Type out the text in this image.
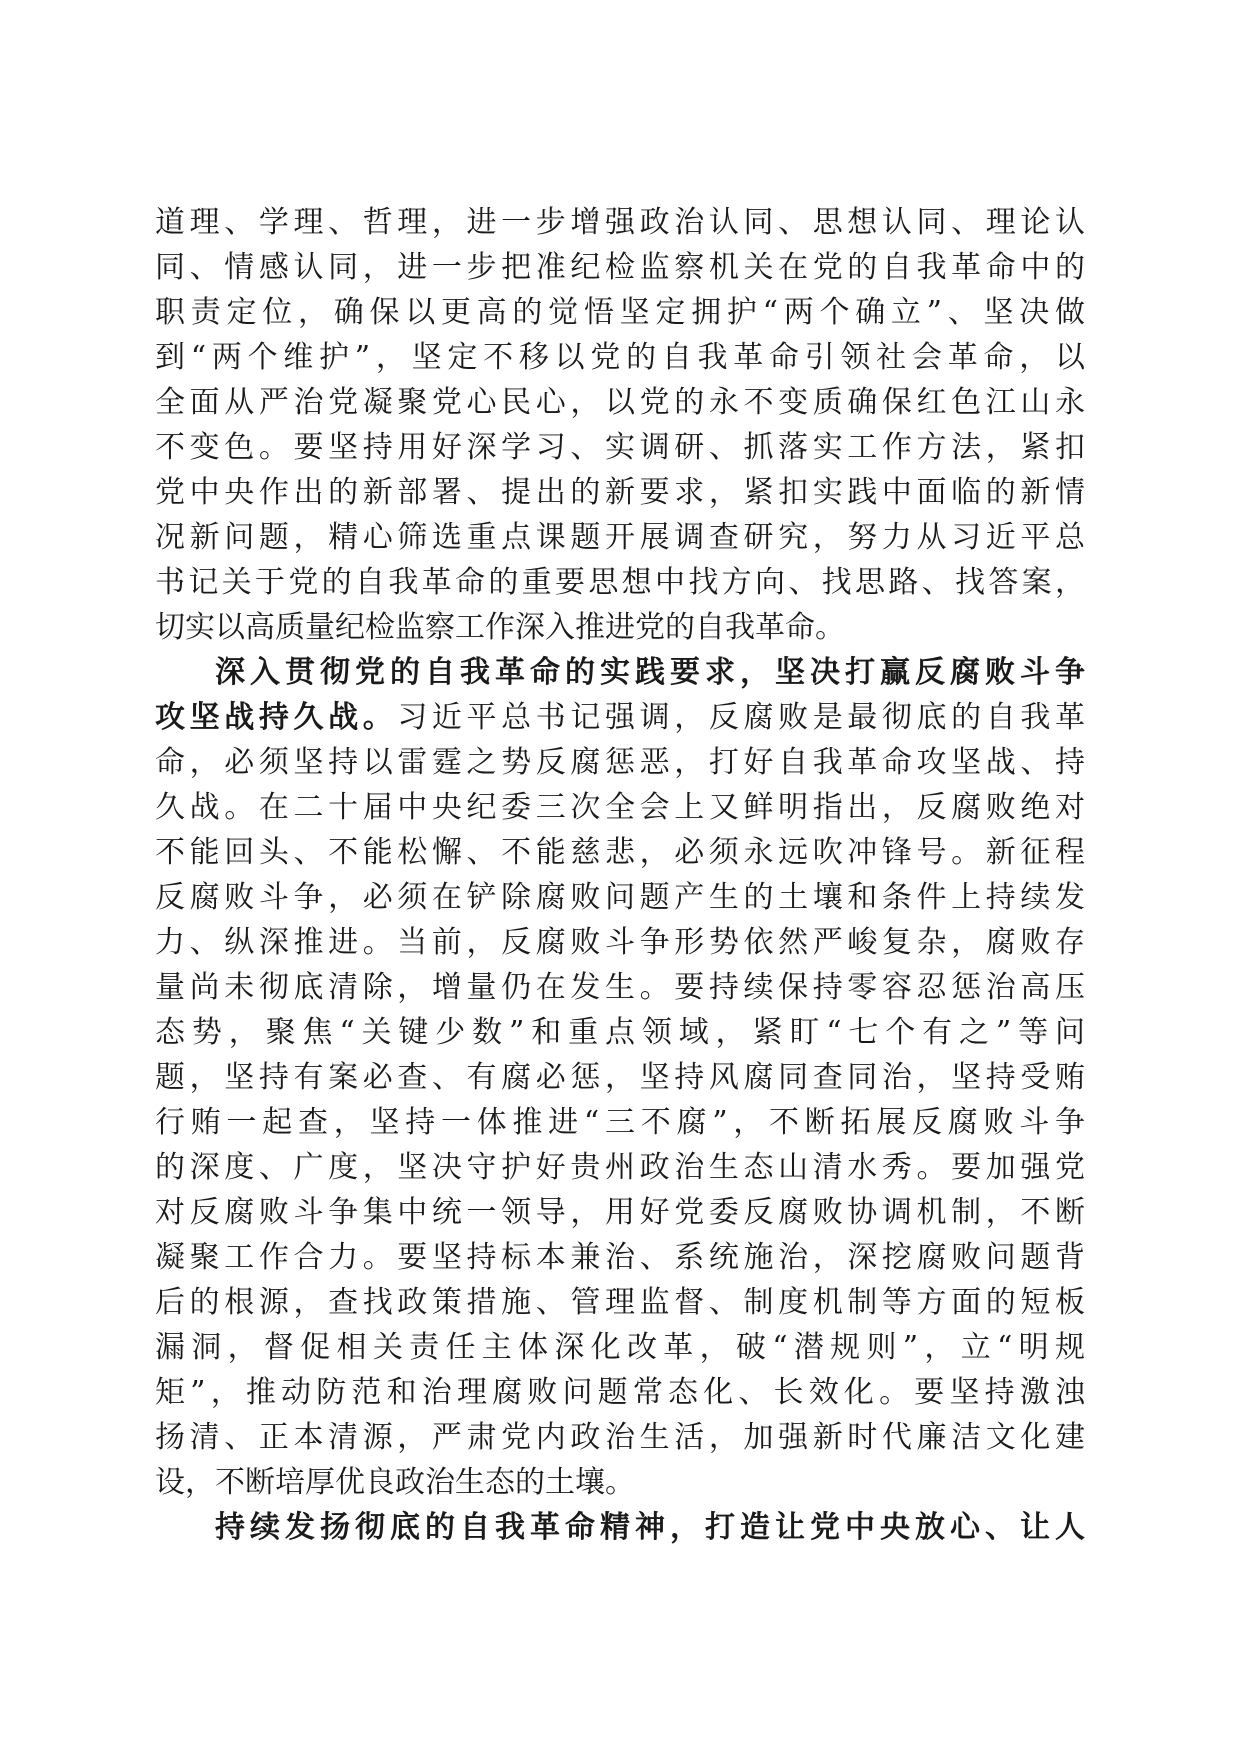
道理、学理、哲理，进一步增强政治认同、思想认同、理论认
同、情感认同，进一步把准纪检监察机关在党的自我革命中的
职责定位，确保以更高的觉悟坚定拥护“两个确立”、坚决做
到“两个维护”，坚定不移以党的自我革命引领社会革命，以
全面从严治党凝聚党心民心，以党的永不变质确保红色江山永
不变色。要坚持用好深学习、实调研、抓落实工作方法，紧扣
党中央作出的新部署、提出的新要求，紧扣实践中面临的新情
况新问题，精心筛选重点课题开展调查研究，努力从习近平总
书记关于党的自我革命的重要思想中找方向、找思路、找答案，
切实以高质量纪检监察工作深入推进党的自我革命。
深入贯彻党的自我革命的实践要求，坚决打赢反腐败斗争
攻坚战持久战。习近平总书记强调，反腐败是最彻底的自我革
命，必须坚持以雷霆之势反腐惩恶，打好自我革命攻坚战、持
久战。在二十届中央纪委三次全会上又鲜明指出，反腐败绝对
不能回头、不能松懈、不能慈悲，必须永远吹冲锋号。新征程
反腐败斗争，必须在铲除腐败问题产生的土壤和条件上持续发
力、纵深推进。当前，反腐败斗争形势依然严峻复杂，腐败存
量尚未彻底清除，增量仍在发生。要持续保持零容忍惩治高压
态势，聚焦“关键少数”和重点领域，紧盯“七个有之”等问
题，坚持有案必查、有腐必惩，坚持风腐同查同治，坚持受贿
行贿一起查，坚持一体推进“三不腐”，不断拓展反腐败斗争
的深度、广度，坚决守护好贵州政治生态山清水秀。要加强党
对反腐败斗争集中统一领导，用好党委反腐败协调机制，不断
凝聚工作合力。要坚持标本兼治、系统施治，深挖腐败问题背
后的根源，查找政策措施、管理监督、制度机制等方面的短板
漏洞，督促相关责任主体深化改革，破“潜规则”，立“明规
矩”，推动防范和治理腐败问题常态化、长效化。要坚持激浊
扬清、正本清源，严肃党内政治生活，加强新时代廉洁文化建
设，不断培厚优良政治生态的土壤。
持续发扬彻底的自我革命精神，打造让党中央放心、让人
